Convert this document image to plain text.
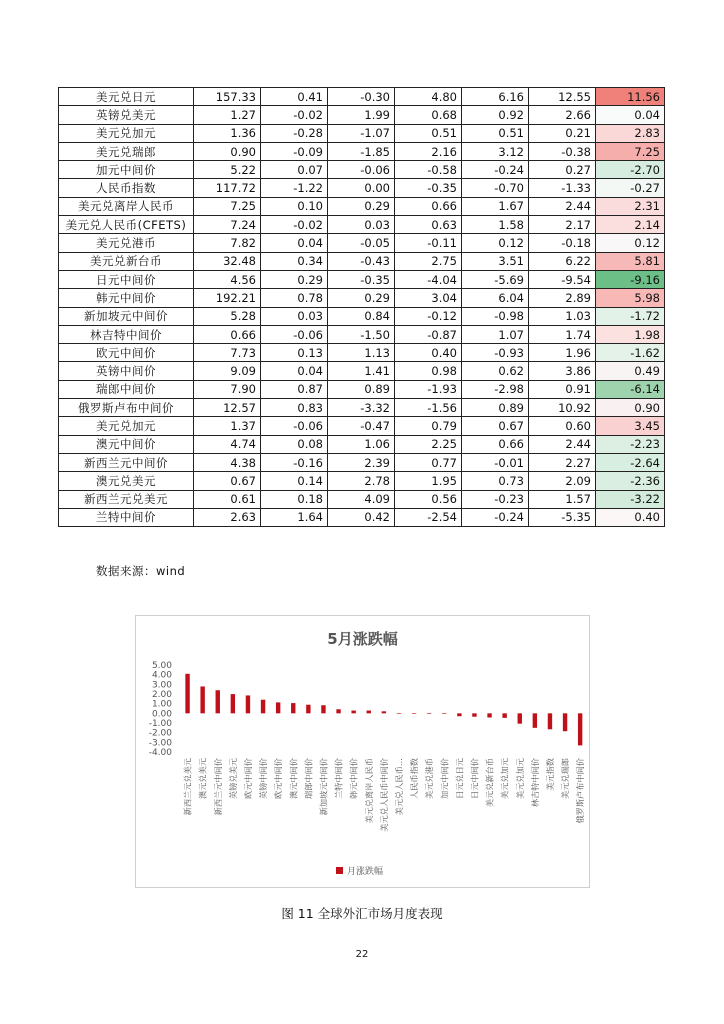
美元兑日元	157.33	0.41	-0.30	4.80	6.16	12.55	11.56
英镑兑美元	1.27	-0.02	1.99	0.68	0.92	2.66	0.04
美元兑加元	1.36	-0.28	-1.07	0.51	0.51	0.21	2.83
美元兑瑞郎	0.90	-0.09	-1.85	2.16	3.12	-0.38	7.25
加元中间价	5.22	0.07	-0.06	-0.58	-0.24	0.27	-2.70
人民币指数	117.72	-1.22	0.00	-0.35	-0.70	-1.33	-0.27
美元兑离岸人民币	7.25	0.10	0.29	0.66	1.67	2.44	2.31
美元兑人民币(CFETS)	7.24	-0.02	0.03	0.63	1.58	2.17	2.14
美元兑港币	7.82	0.04	-0.05	-0.11	0.12	-0.18	0.12
美元兑新台币	32.48	0.34	-0.43	2.75	3.51	6.22	5.81
日元中间价	4.56	0.29	-0.35	-4.04	-5.69	-9.54	-9.16
韩元中间价	192.21	0.78	0.29	3.04	6.04	2.89	5.98
新加坡元中间价	5.28	0.03	0.84	-0.12	-0.98	1.03	-1.72
林吉特中间价	0.66	-0.06	-1.50	-0.87	1.07	1.74	1.98
欧元中间价	7.73	0.13	1.13	0.40	-0.93	1.96	-1.62
英镑中间价	9.09	0.04	1.41	0.98	0.62	3.86	0.49
瑞郎中间价	7.90	0.87	0.89	-1.93	-2.98	0.91	-6.14
俄罗斯卢布中间价	12.57	0.83	-3.32	-1.56	0.89	10.92	0.90
美元兑加元	1.37	-0.06	-0.47	0.79	0.67	0.60	3.45
澳元中间价	4.74	0.08	1.06	2.25	0.66	2.44	-2.23
新西兰元中间价	4.38	-0.16	2.39	0.77	-0.01	2.27	-2.64
澳元兑美元	0.67	0.14	2.78	1.95	0.73	2.09	-2.36
新西兰元兑美元	0.61	0.18	4.09	0.56	-0.23	1.57	-3.22
兰特中间价	2.63	1.64	0.42	-2.54	-0.24	-5.35	0.40
数据来源：wind
5月涨跌幅
5.00
4.00
3.00
2.00
1.00
0.00
-1.00
-2.00
-3.00
-4.00
新西兰元兑美元 澳元兑美元 新西兰元中间价 英镑兑美元 欧元中间价 英镑中间价 欧元中间价 澳元中间价 瑞郎中间价 新加坡元中间价 兰特中间价 韩元中间价 美元兑离岸人民币 美元兑人民币中间价 美元兑人民币… 人民币指数 美元兑港币 加元中间价 日元兑日元 日元中间价 美元兑新台币 美元兑加元 美元兑加元 林吉特中间价 美元指数 美元兑瑞郎 俄罗斯卢布中间价
月涨跌幅
图 11 全球外汇市场月度表现
22
